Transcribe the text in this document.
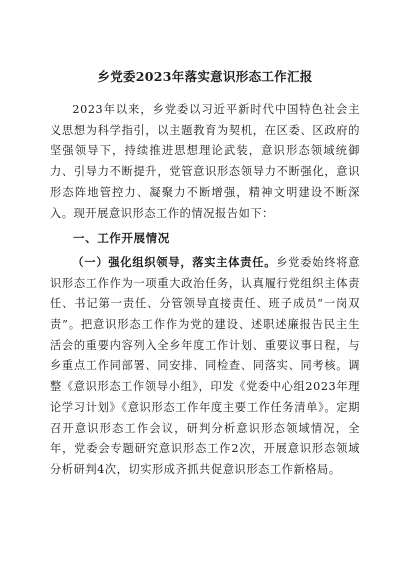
乡党委2023年落实意识形态工作汇报

2023年以来，乡党委以习近平新时代中国特色社会主义思想为科学指引，以主题教育为契机，在区委、区政府的坚强领导下，持续推进思想理论武装，意识形态领域统御力、引导力不断提升，党管意识形态领导力不断强化，意识形态阵地管控力、凝聚力不断增强，精神文明建设不断深入。现开展意识形态工作的情况报告如下：

一、工作开展情况

（一）强化组织领导，落实主体责任。乡党委始终将意识形态工作作为一项重大政治任务，认真履行党组织主体责任、书记第一责任、分管领导直接责任、班子成员“一岗双责”。把意识形态工作作为党的建设、述职述廉报告民主生活会的重要内容列入全乡年度工作计划、重要议事日程，与乡重点工作同部署、同安排、同检查、同落实、同考核。调整《意识形态工作领导小组》，印发《党委中心组2023年理论学习计划》《意识形态工作年度主要工作任务清单》。定期召开意识形态工作会议，研判分析意识形态领域情况，全年，党委会专题研究意识形态工作2次，开展意识形态领域分析研判4次，切实形成齐抓共促意识形态工作新格局。
